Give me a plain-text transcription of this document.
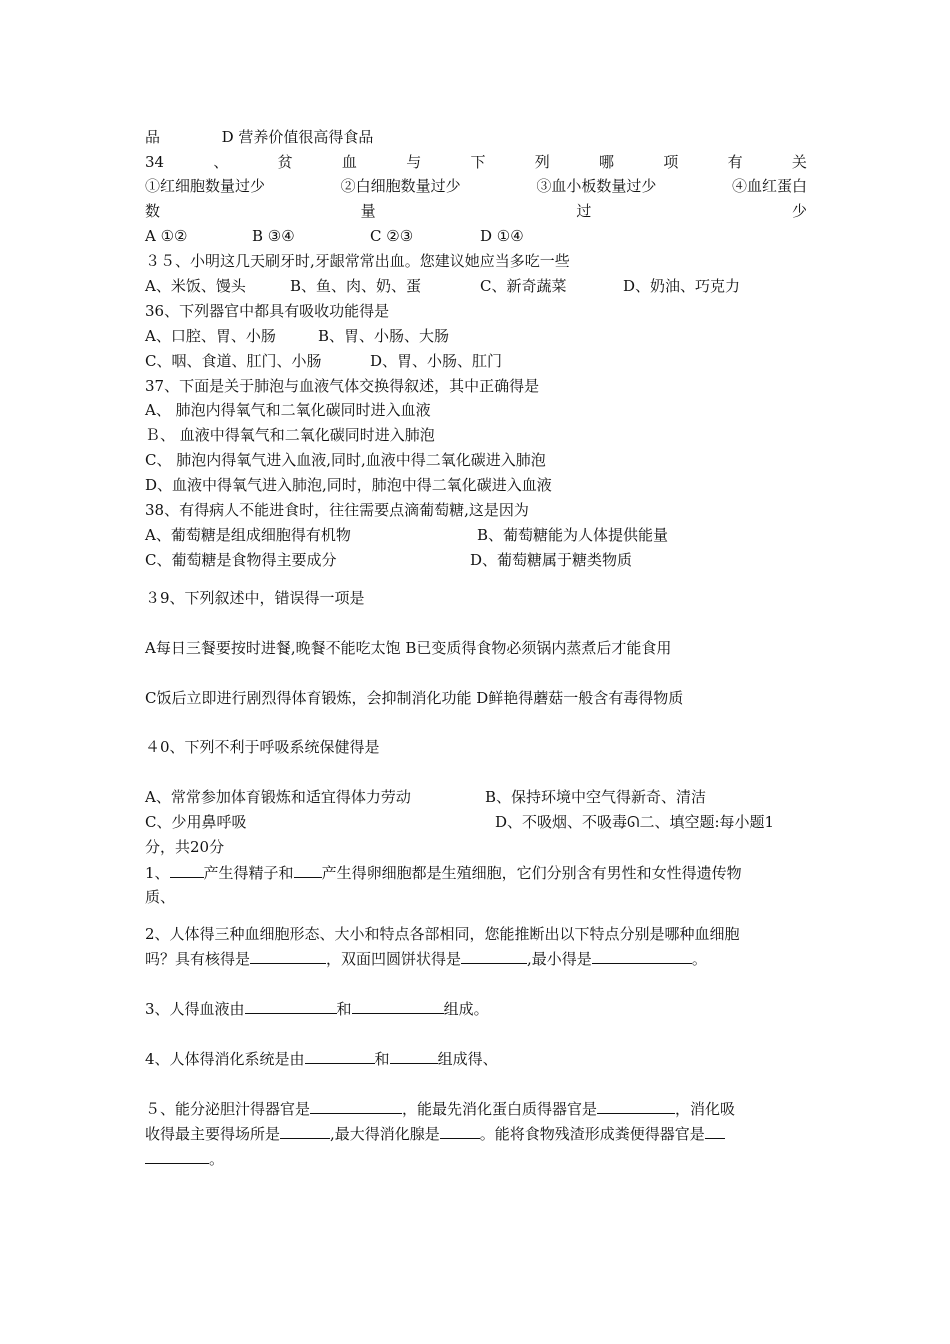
品	D 营养价值很高得食品
34	、	贫	血	与	下	列	哪	项	有	关
①红细胞数量过少	②白细胞数量过少	③血小板数量过少	④血红蛋白
数	量	过	少
A ①②	B ③④	C ②③	D ①④
３５、小明这几天刷牙时,牙龈常常出血。您建议她应当多吃一些
A、米饭、馒头	B、鱼、肉、奶、蛋	C、新奇蔬菜	D、奶油、巧克力
36、下列器官中都具有吸收功能得是
A、口腔、胃、小肠	B、胃、小肠、大肠
C、咽、食道、肛门、小肠	D、胃、小肠、肛门
37、下面是关于肺泡与血液气体交换得叙述，其中正确得是
A、 肺泡内得氧气和二氧化碳同时进入血液
Ｂ、 血液中得氧气和二氧化碳同时进入肺泡
C、 肺泡内得氧气进入血液,同时,血液中得二氧化碳进入肺泡
D、血液中得氧气进入肺泡,同时，肺泡中得二氧化碳进入血液
38、有得病人不能进食时，往往需要点滴葡萄糖,这是因为
A、葡萄糖是组成细胞得有机物	B、葡萄糖能为人体提供能量
C、葡萄糖是食物得主要成分	D、葡萄糖属于糖类物质
３9、下列叙述中，错误得一项是
A每日三餐要按时进餐,晚餐不能吃太饱 B已变质得食物必须锅内蒸煮后才能食用
C饭后立即进行剧烈得体育锻炼，会抑制消化功能 D鲜艳得蘑菇一般含有毒得物质
４0、下列不利于呼吸系统保健得是
A、常常参加体育锻炼和适宜得体力劳动	B、保持环境中空气得新奇、清洁
C、少用鼻呼吸	D、不吸烟、不吸毒ᘏ二、填空题:每小题1
分，共20分
1、 产生得精子和 产生得卵细胞都是生殖细胞，它们分别含有男性和女性得遗传物
质、
2、人体得三种血细胞形态、大小和特点各部相同，您能推断出以下特点分别是哪种血细胞
吗？具有核得是	，双面凹圆饼状得是	,最小得是	。
3、人得血液由	和	组成。
4、人体得消化系统是由	和	组成得、
５、能分泌胆汁得器官是	，能最先消化蛋白质得器官是	，消化吸
收得最主要得场所是	,最大得消化腺是	。能将食物残渣形成粪便得器官是
。
